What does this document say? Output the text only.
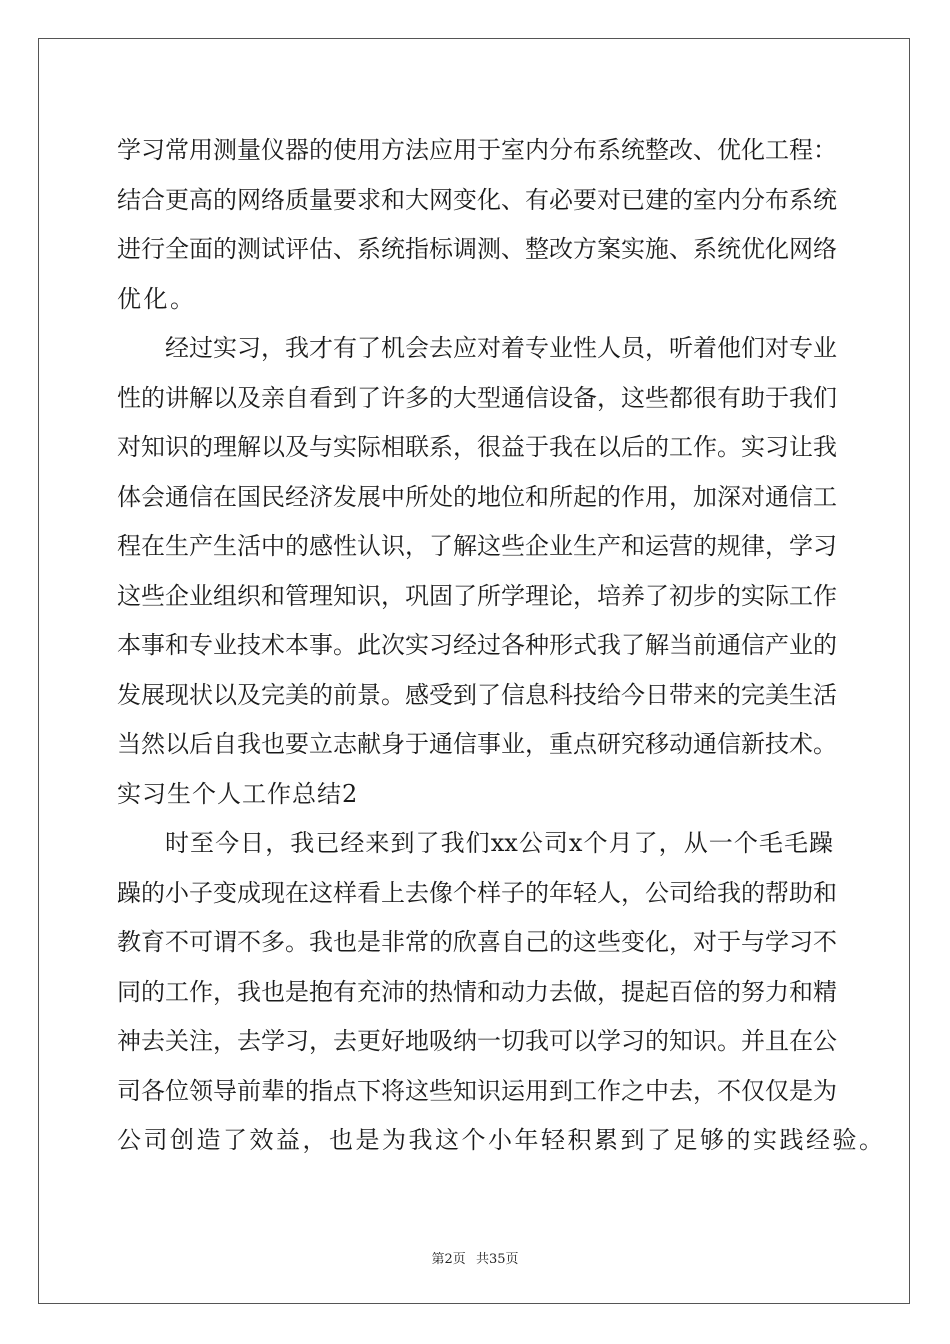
学习常用测量仪器的使用方法应用于室内分布系统整改、优化工程：
结合更高的网络质量要求和大网变化、有必要对已建的室内分布系统
进行全面的测试评估、系统指标调测、整改方案实施、系统优化网络
优化。
经过实习，我才有了机会去应对着专业性人员，听着他们对专业
性的讲解以及亲自看到了许多的大型通信设备，这些都很有助于我们
对知识的理解以及与实际相联系，很益于我在以后的工作。实习让我
体会通信在国民经济发展中所处的地位和所起的作用，加深对通信工
程在生产生活中的感性认识，了解这些企业生产和运营的规律，学习
这些企业组织和管理知识，巩固了所学理论，培养了初步的实际工作
本事和专业技术本事。此次实习经过各种形式我了解当前通信产业的
发展现状以及完美的前景。感受到了信息科技给今日带来的完美生活
当然以后自我也要立志献身于通信事业，重点研究移动通信新技术。
实习生个人工作总结2
时至今日，我已经来到了我们xx公司x个月了，从一个毛毛躁
躁的小子变成现在这样看上去像个样子的年轻人，公司给我的帮助和
教育不可谓不多。我也是非常的欣喜自己的这些变化，对于与学习不
同的工作，我也是抱有充沛的热情和动力去做，提起百倍的努力和精
神去关注，去学习，去更好地吸纳一切我可以学习的知识。并且在公
司各位领导前辈的指点下将这些知识运用到工作之中去，不仅仅是为
公司创造了效益，也是为我这个小年轻积累到了足够的实践经验。
第2页 共35页
